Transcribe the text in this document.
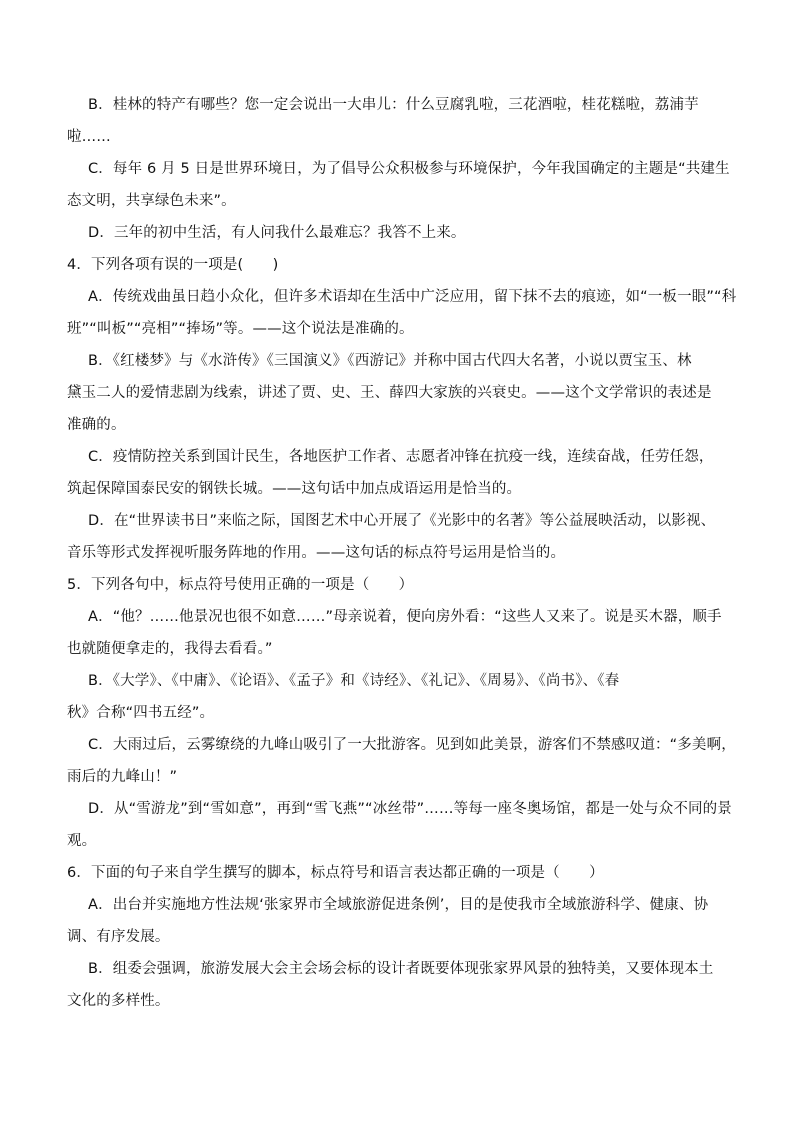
B．桂林的特产有哪些？您一定会说出一大串儿：什么豆腐乳啦，三花酒啦，桂花糕啦，荔浦芋

啦……

C．每年 6 月 5 日是世界环境日，为了倡导公众积极参与环境保护，今年我国确定的主题是“共建生

态文明，共享绿色未来”。

D．三年的初中生活，有人问我什么最难忘？我答不上来。

4．下列各项有误的一项是(　　)

A．传统戏曲虽日趋小众化，但许多术语却在生活中广泛应用，留下抹不去的痕迹，如“一板一眼”“科

班”“叫板”“亮相”“捧场”等。——这个说法是准确的。

B．《红楼梦》与《水浒传》《三国演义》《西游记》并称中国古代四大名著，小说以贾宝玉、林

黛玉二人的爱情悲剧为线索，讲述了贾、史、王、薛四大家族的兴衰史。——这个文学常识的表述是

准确的。

C．疫情防控关系到国计民生，各地医护工作者、志愿者冲锋在抗疫一线，连续奋战，任劳任怨，

筑起保障国泰民安的钢铁长城。——这句话中加点成语运用是恰当的。

D．在“世界读书日”来临之际，国图艺术中心开展了《光影中的名著》等公益展映活动，以影视、

音乐等形式发挥视听服务阵地的作用。——这句话的标点符号运用是恰当的。

5．下列各句中，标点符号使用正确的一项是（　　）

A．“他？……他景况也很不如意……”母亲说着，便向房外看：“这些人又来了。说是买木器，顺手

也就随便拿走的，我得去看看。”

B．《大学》、《中庸》、《论语》、《孟子》和《诗经》、《礼记》、《周易》、《尚书》、《春

秋》合称“四书五经”。

C．大雨过后，云雾缭绕的九峰山吸引了一大批游客。见到如此美景，游客们不禁感叹道：“多美啊，

雨后的九峰山！”

D．从“雪游龙”到“雪如意”，再到“雪飞燕”“冰丝带”……等每一座冬奥场馆，都是一处与众不同的景

观。

6．下面的句子来自学生撰写的脚本，标点符号和语言表达都正确的一项是（　　）

A．出台并实施地方性法规‘张家界市全域旅游促进条例’，目的是使我市全域旅游科学、健康、协

调、有序发展。

B．组委会强调，旅游发展大会主会场会标的设计者既要体现张家界风景的独特美，又要体现本土

文化的多样性。
